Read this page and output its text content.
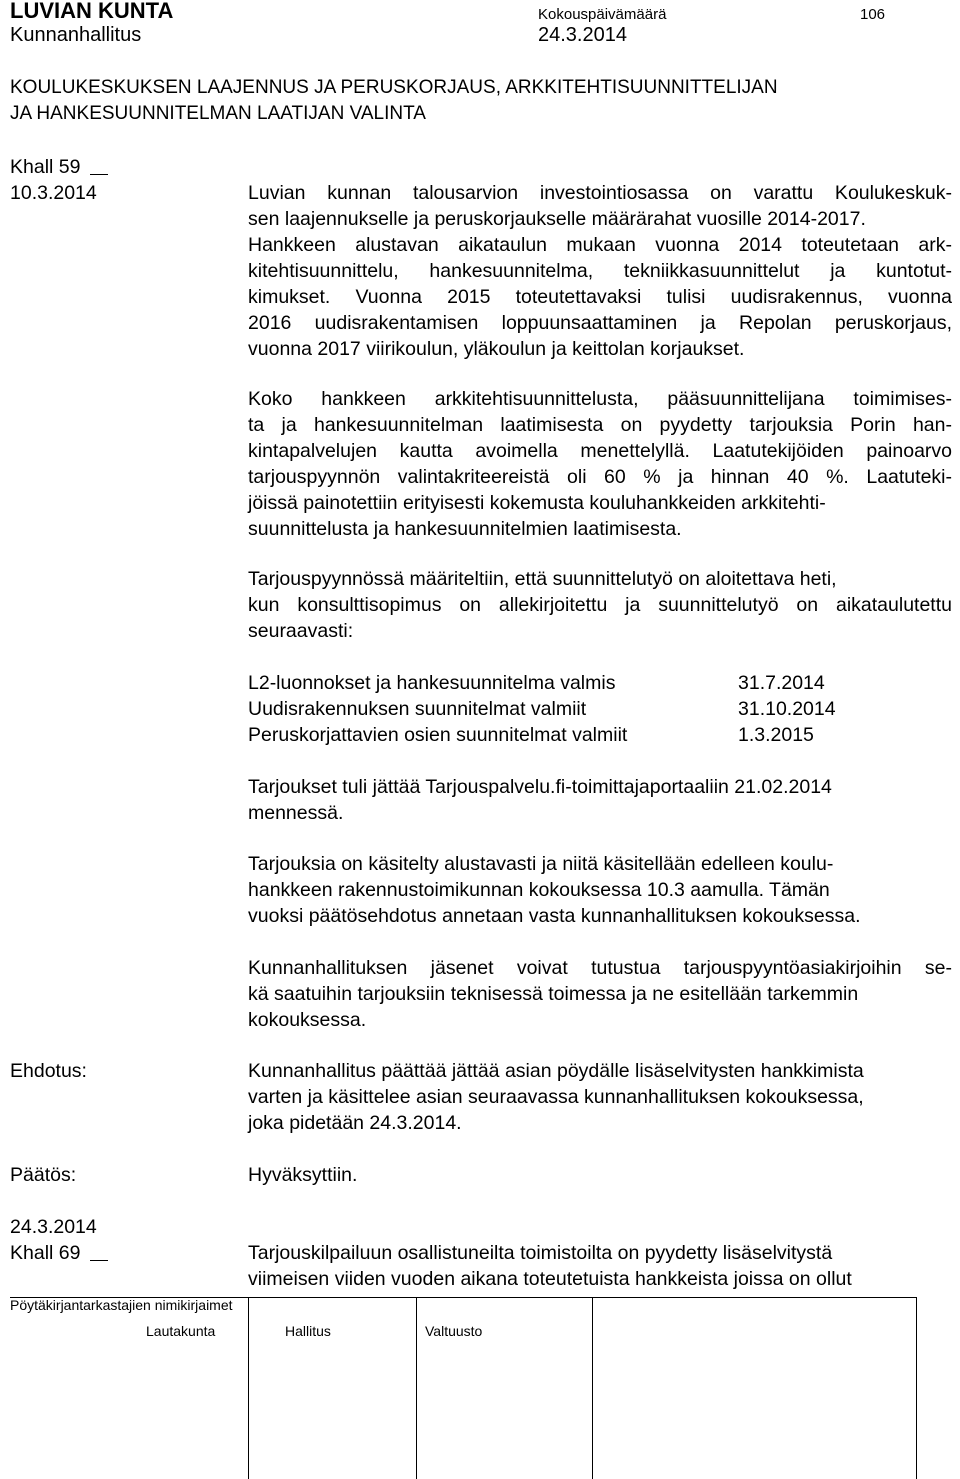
LUVIAN KUNTA
Kunnanhallitus
Kokouspäivämäärä
24.3.2014
106
KOULUKESKUKSEN LAAJENNUS JA PERUSKORJAUS, ARKKITEHTISUUNNITTELIJAN
JA HANKESUUNNITELMAN LAATIJAN VALINTA
Khall 59
10.3.2014	Luvian kunnan talousarvion investointiosassa on varattu Koulukeskuk-
sen laajennukselle ja peruskorjaukselle määrärahat vuosille 2014-2017.
Hankkeen alustavan aikataulun mukaan vuonna 2014 toteutetaan ark-
kitehtisuunnittelu, hankesuunnitelma, tekniikkasuunnittelut ja kuntotut-
kimukset. Vuonna 2015 toteutettavaksi tulisi uudisrakennus, vuonna
2016 uudisrakentamisen loppuunsaattaminen ja Repolan peruskorjaus,
vuonna 2017 viirikoulun, yläkoulun ja keittolan korjaukset.
Koko hankkeen arkkitehtisuunnittelusta, pääsuunnittelijana toimimises-
ta ja hankesuunnitelman laatimisesta on pyydetty tarjouksia Porin han-
kintapalvelujen kautta avoimella menettelyllä. Laatutekijöiden painoarvo
tarjouspyynnön valintakriteereistä oli 60 % ja hinnan 40 %. Laatuteki-
jöissä painotettiin erityisesti kokemusta kouluhankkeiden arkkitehti-
suunnittelusta ja hankesuunnitelmien laatimisesta.
Tarjouspyynnössä määriteltiin, että suunnittelutyö on aloitettava heti,
kun konsulttisopimus on allekirjoitettu ja suunnittelutyö on aikataulutettu
seuraavasti:
L2-luonnokset ja hankesuunnitelma valmis	31.7.2014
Uudisrakennuksen suunnitelmat valmiit	31.10.2014
Peruskorjattavien osien suunnitelmat valmiit	1.3.2015
Tarjoukset tuli jättää Tarjouspalvelu.fi-toimittajaportaaliin 21.02.2014
mennessä.
Tarjouksia on käsitelty alustavasti ja niitä käsitellään edelleen koulu-
hankkeen rakennustoimikunnan kokouksessa 10.3 aamulla. Tämän
vuoksi päätösehdotus annetaan vasta kunnanhallituksen kokouksessa.
Kunnanhallituksen jäsenet voivat tutustua tarjouspyyntöasiakirjoihin se-
kä saatuihin tarjouksiin teknisessä toimessa ja ne esitellään tarkemmin
kokouksessa.
Ehdotus:	Kunnanhallitus päättää jättää asian pöydälle lisäselvitysten hankkimista
varten ja käsittelee asian seuraavassa kunnanhallituksen kokouksessa,
joka pidetään 24.3.2014.
Päätös:	Hyväksyttiin.
24.3.2014
Khall 69	Tarjouskilpailuun osallistuneilta toimistoilta on pyydetty lisäselvitystä
viimeisen viiden vuoden aikana toteutetuista hankkeista joissa on ollut
Pöytäkirjantarkastajien nimikirjaimet
Lautakunta	Hallitus	Valtuusto
